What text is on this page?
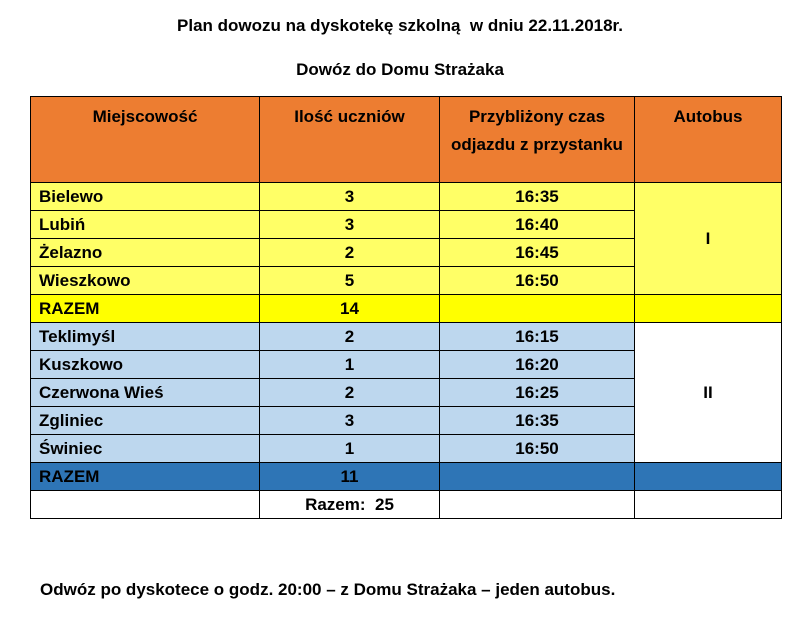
Plan dowozu na dyskotekę szkolną  w dniu 22.11.2018r.
Dowóz do Domu Strażaka
Miejscowość	Ilość uczniów	Przybliżony czas odjazdu z przystanku	Autobus
Bielewo	3	16:35	I
Lubiń	3	16:40	
Żelazno	2	16:45	
Wieszkowo	5	16:50	
RAZEM	14		
Teklimyśl	2	16:15	II
Kuszkowo	1	16:20	
Czerwona Wieś	2	16:25	
Zgliniec	3	16:35	
Świniec	1	16:50	
RAZEM	11		
	Razem:  25		
Odwóz po dyskotece o godz. 20:00 – z Domu Strażaka – jeden autobus.
